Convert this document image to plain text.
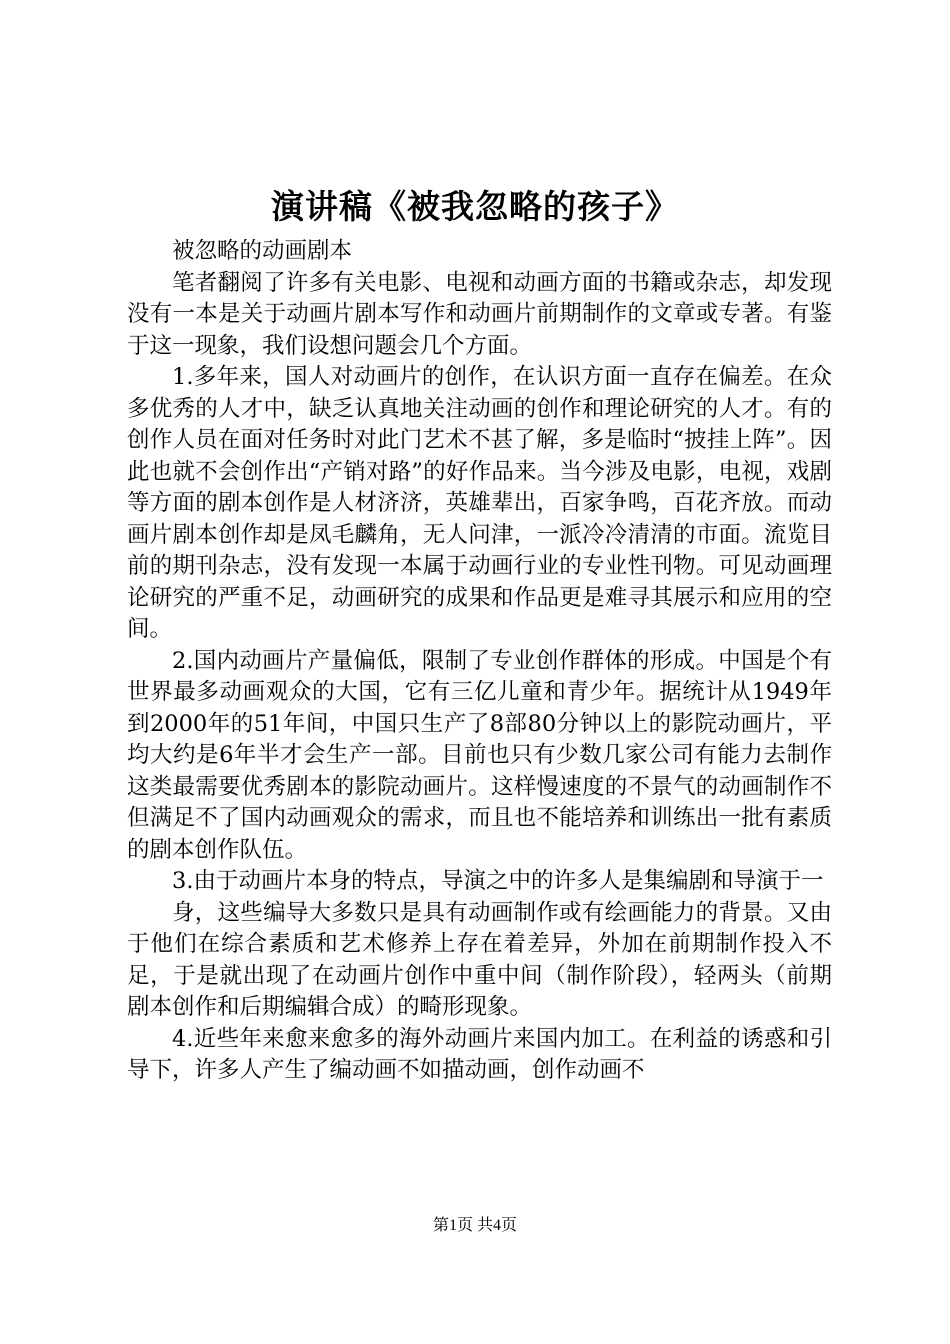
演讲稿《被我忽略的孩子》

被忽略的动画剧本

笔者翻阅了许多有关电影、电视和动画方面的书籍或杂志，却发现没有一本是关于动画片剧本写作和动画片前期制作的文章或专著。有鉴于这一现象，我们设想问题会几个方面。

1.多年来，国人对动画片的创作，在认识方面一直存在偏差。在众多优秀的人才中，缺乏认真地关注动画的创作和理论研究的人才。有的创作人员在面对任务时对此门艺术不甚了解，多是临时“披挂上阵”。因此也就不会创作出“产销对路”的好作品来。当今涉及电影，电视，戏剧等方面的剧本创作是人材济济，英雄辈出，百家争鸣，百花齐放。而动画片剧本创作却是凤毛麟角，无人问津，一派冷冷清清的市面。流览目前的期刊杂志，没有发现一本属于动画行业的专业性刊物。可见动画理论研究的严重不足，动画研究的成果和作品更是难寻其展示和应用的空间。

2.国内动画片产量偏低，限制了专业创作群体的形成。中国是个有世界最多动画观众的大国，它有三亿儿童和青少年。据统计从1949年到2000年的51年间，中国只生产了8部80分钟以上的影院动画片，平均大约是6年半才会生产一部。目前也只有少数几家公司有能力去制作这类最需要优秀剧本的影院动画片。这样慢速度的不景气的动画制作不但满足不了国内动画观众的需求，而且也不能培养和训练出一批有素质的剧本创作队伍。

3.由于动画片本身的特点，导演之中的许多人是集编剧和导演于一

身，这些编导大多数只是具有动画制作或有绘画能力的背景。又由于他们在综合素质和艺术修养上存在着差异，外加在前期制作投入不足，于是就出现了在动画片创作中重中间（制作阶段），轻两头（前期剧本创作和后期编辑合成）的畸形现象。

4.近些年来愈来愈多的海外动画片来国内加工。在利益的诱惑和引导下，许多人产生了编动画不如描动画，创作动画不

第1页 共4页
